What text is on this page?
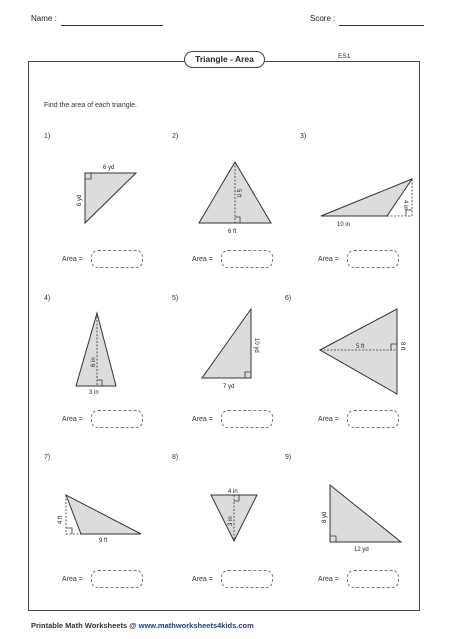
Name :	Score :
Triangle - Area	ES1
Find the area of each triangle.
1)	2)	3)
4)	5)	6)
7)	8)	9)
6 yd
6 yd
5 ft
6 ft
10 in
4 in
6 in
3 in
10 yd
7 yd
5 ft	8 ft
4 ft
9 ft
4 in
3 in	8 yd
12 yd
Area =	Area =	Area =
Area =	Area =	Area =
Area =	Area =	Area =
Printable Math Worksheets @ www.mathworksheets4kids.com
